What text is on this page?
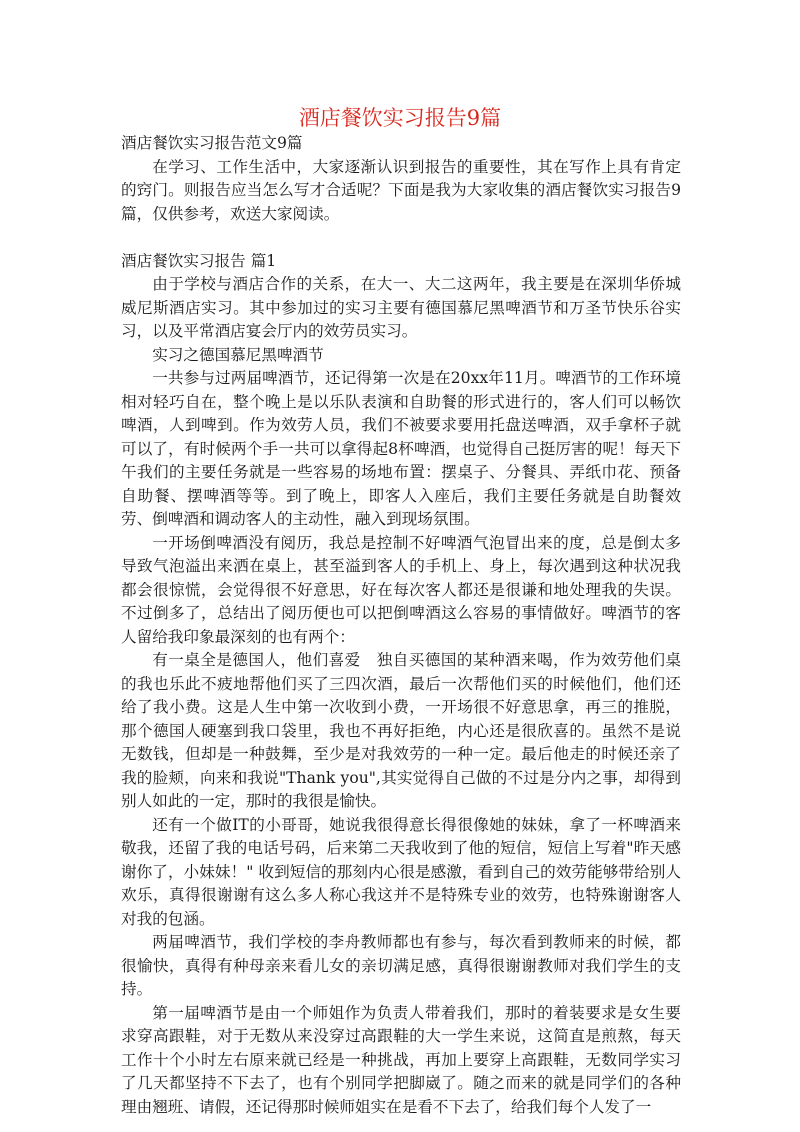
酒店餐饮实习报告9篇

酒店餐饮实习报告范文9篇

在学习、工作生活中，大家逐渐认识到报告的重要性，其在写作上具有肯定的窍门。则报告应当怎么写才合适呢？下面是我为大家收集的酒店餐饮实习报告9篇，仅供参考，欢送大家阅读。

酒店餐饮实习报告 篇1

由于学校与酒店合作的关系，在大一、大二这两年，我主要是在深圳华侨城威尼斯酒店实习。其中参加过的实习主要有德国慕尼黑啤酒节和万圣节快乐谷实习，以及平常酒店宴会厅内的效劳员实习。

实习之德国慕尼黑啤酒节

一共参与过两届啤酒节，还记得第一次是在20xx年11月。啤酒节的工作环境相对轻巧自在，整个晚上是以乐队表演和自助餐的形式进行的，客人们可以畅饮啤酒，人到啤到。作为效劳人员，我们不被要求要用托盘送啤酒，双手拿杯子就可以了，有时候两个手一共可以拿得起8杯啤酒，也觉得自己挺厉害的呢！每天下午我们的主要任务就是一些容易的场地布置：摆桌子、分餐具、弄纸巾花、预备自助餐、摆啤酒等等。到了晚上，即客人入座后，我们主要任务就是自助餐效劳、倒啤酒和调动客人的主动性，融入到现场氛围。

一开场倒啤酒没有阅历，我总是控制不好啤酒气泡冒出来的度，总是倒太多导致气泡溢出来洒在桌上，甚至溢到客人的手机上、身上，每次遇到这种状况我都会很惊慌，会觉得很不好意思，好在每次客人都还是很谦和地处理我的失误。不过倒多了，总结出了阅历便也可以把倒啤酒这么容易的事情做好。啤酒节的客人留给我印象最深刻的也有两个：

有一桌全是德国人，他们喜爱　独自买德国的某种酒来喝，作为效劳他们桌的我也乐此不疲地帮他们买了三四次酒，最后一次帮他们买的时候他们，他们还给了我小费。这是人生中第一次收到小费，一开场很不好意思拿，再三的推脱，那个德国人硬塞到我口袋里，我也不再好拒绝，内心还是很欣喜的。虽然不是说无数钱，但却是一种鼓舞，至少是对我效劳的一种一定。最后他走的时候还亲了我的脸颊，向来和我说"Thank you",其实觉得自己做的不过是分内之事，却得到别人如此的一定，那时的我很是愉快。

还有一个做IT的小哥哥，她说我很得意长得很像她的妹妹，拿了一杯啤酒来敬我，还留了我的电话号码，后来第二天我收到了他的短信，短信上写着"昨天感谢你了，小妹妹！" 收到短信的那刻内心很是感激，看到自己的效劳能够带给别人欢乐，真得很谢谢有这么多人称心我这并不是特殊专业的效劳，也特殊谢谢客人对我的包涵。

两届啤酒节，我们学校的李舟教师都也有参与，每次看到教师来的时候，都很愉快，真得有种母亲来看儿女的亲切满足感，真得很谢谢教师对我们学生的支持。

第一届啤酒节是由一个师姐作为负责人带着我们，那时的着装要求是女生要求穿高跟鞋，对于无数从来没穿过高跟鞋的大一学生来说，这简直是煎熬，每天工作十个小时左右原来就已经是一种挑战，再加上要穿上高跟鞋，无数同学实习了几天都坚持不下去了，也有个别同学把脚崴了。随之而来的就是同学们的各种理由翘班、请假，还记得那时候师姐实在是看不下去了，给我们每个人发了一
